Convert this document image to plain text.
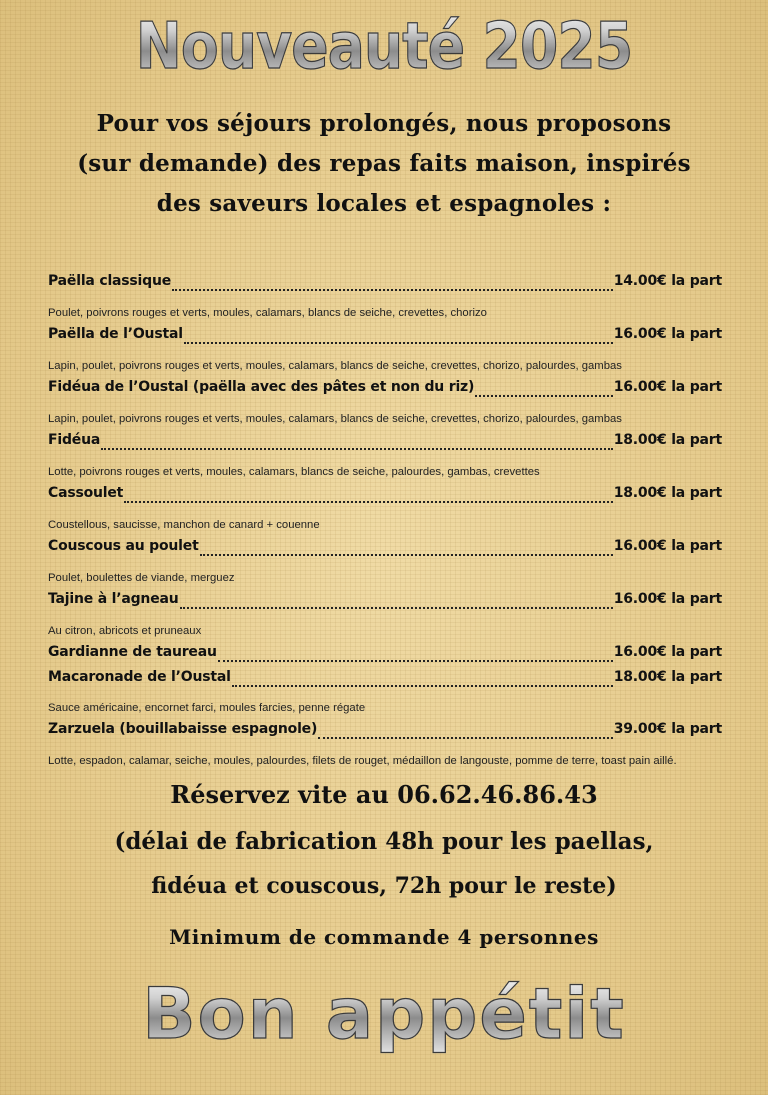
Nouveauté 2025
Pour vos séjours prolongés, nous proposons
(sur demande) des repas faits maison, inspirés
des saveurs locales et espagnoles :
Paëlla classique	14.00€ la part
Poulet, poivrons rouges et verts, moules, calamars, blancs de seiche, crevettes, chorizo
Paëlla de l’Oustal	16.00€ la part
Lapin, poulet, poivrons rouges et verts, moules, calamars, blancs de seiche, crevettes, chorizo, palourdes, gambas
Fidéua de l’Oustal (paëlla avec des pâtes et non du riz)	16.00€ la part
Lapin, poulet, poivrons rouges et verts, moules, calamars, blancs de seiche, crevettes, chorizo, palourdes, gambas
Fidéua	18.00€ la part
Lotte, poivrons rouges et verts, moules, calamars, blancs de seiche, palourdes, gambas, crevettes
Cassoulet	18.00€ la part
Coustellous, saucisse, manchon de canard + couenne
Couscous au poulet	16.00€ la part
Poulet, boulettes de viande, merguez
Tajine à l’agneau	16.00€ la part
Au citron, abricots et pruneaux
Gardianne de taureau	16.00€ la part
Macaronade de l’Oustal	18.00€ la part
Sauce américaine, encornet farci, moules farcies, penne régate
Zarzuela (bouillabaisse espagnole)	39.00€ la part
Lotte, espadon, calamar, seiche, moules, palourdes, filets de rouget, médaillon de langouste, pomme de terre, toast pain aillé.
Réservez vite au 06.62.46.86.43
(délai de fabrication 48h pour les paellas,
fidéua et couscous, 72h pour le reste)
Minimum de commande 4 personnes
Bon appétit
